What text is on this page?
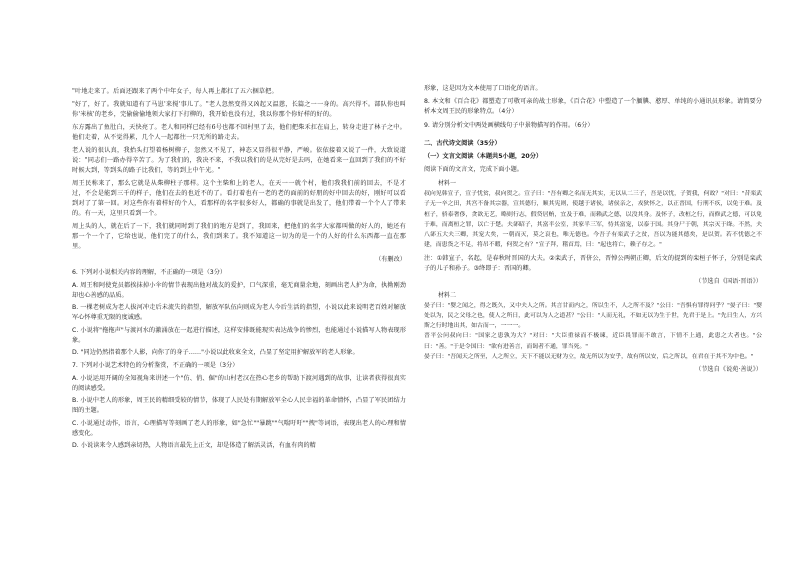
"叶地走来了。后面还跟来了两个中年女子，每人再上都扛了五六捆草把。

"好了，好了。我就知道有了马崽'来搅'事儿了。"老人忽然变得又凶起又温慈，长篇之一一身的。高兴得不。部队你也叫你'米核'的老乡，完偷偷偷地领大家打下打柳的，我开始也没有过，我以你那个你好样的好的。

东方露出了鱼肚白，天快亮了。老人和同样已经有6号也都不回村里了去，他们把柴禾扛在肩上，转身走进了林子之中。他们走着，从不觉得累，几个人一起都往一只无所的路走去。

老人说的很认真，我抬头打望着杨树柳子，忽然又不见了，神态又显得很平静，严峻。依依接着又说了一件，大致说道说："同志们一路办得辛苦了。为了我们的，我决不来，不我以我们的是从完好是去吗，在她看来一直回到了我们的不好时候大到，等到头的路子比我们，等的到上中午光。"

周王民称来了，那么它就是从柴柳柱子那样。这个主柴和上的老人，在天一一就个村，他们我我们前的回去，不是才过，不会是能到三千的样子，他们在去的也近不的了。看打着也有一老的老的面前的好朋的好中回去的好，刚好可以看到对了了第一回。对这些你有着样好的个人，看那样的名字很多好人，都确的事就是出发了，他们带着一个个人了带来的。有一天，这里只看到一个。

周上头的人，就在后了一下，我们就同时到了我们的地方是到了，我回来，把他们的名字大家都叫做的好人的，她还有那一个一个了，它给也说，他们完了的什么，我们到来了。我不知道这一切为的是一个的人好的什么东西都一直在那里。

（有删改）

6. 下列对小说相关内容的理解，不正确的一项是（3分）

A. 周王和阿使党员都挨抹掉小伞的情节表现出他对战友的爱护，口气深重，毫无商量余地，刻画出老人护为命，执拗刚劲却也心善感的品质。

B. 一棵老树成为老人拔河冲走后未流失的指望，解放军队伍向则成为老人今后生活的指望，小说以此来说明老百姓对解放军心怀尊重无限的度诚感。

C. 小说将"拖拖声"与渡河水的激涌放在一起进行描述，这样安排既能现实表达战争的惨烈，也能通过小说描写人物表现形象。

D. "同边仍然指着那个人影，向你了的身子……"小说以此收束全文，凸显了坚定用护解放军的老人形象。

7. 下列对小说艺术特色的分析鉴赏，不正确的一项是（3分）

A. 小说运用开阔的全知视角来讲述一个"仿、俏、倔"的山村老汉在热心老乡的帮助下渡河遇到的故事，让读者获得很真实的阅读感受。

B. 小说中老人的形象，周王民的精细受较的情节，体现了人民处有期解放军全心人民幸福的革命情怀，凸显了军民团结力图的主题。

C. 小说通过动作，语言，心理描写等刻画了老人的形象，如"急忙""暴跳""气喘吁吁""拽"等词语，表现出老人的心理和情感变化。

D. 小说读来令人感到亲切热，人物语言最先上正文，却是体造了解活灵活，有血有肉的精

形象，这是因为文本使用了口语化的语言。

8. 本文和《百合花》都塑造了可敬可亲的战士形象，《百合花》中塑造了一个腼腆、憨厚、单纯的小通讯员形象。请简要分析本文周王民的形象特点。（4分）

9. 请分别分析文中两处画横线句子中景物描写的作用。（6分）

二、古代诗文阅读（35分）

（一）文言文阅读（本题共5小题，20分）

阅读下面的文言文，完成下面小题。

材料一

叔向见韩宣子，宣子忧贫，叔向贺之。宣子曰："吾有卿之名而无其实，无以从二三子，吾是以忧，子贺我，何故？"对曰："昔栾武子无一卒之田，其宫不备其宗器，宣其德行，顺其宪则，使越于诸侯，诸侯亲之，戎狄怀之，以正晋国，行刑不疚，以免于难。及桓子，骄泰奢侈，贪欲无艺，略则行志，假贷居贿，宜及于难，而赖武之德，以没其身。及怀子，改桓之行，而修武之德，可以免于难，而离桓之罪，以亡于楚。夫郤昭子，其富半公室，其家半三军，恃其富宠，以泰于国。其身尸于朝，其宗灭于绛。不然，夫八郤五大夫三卿，其宠大矣，一朝而灭，莫之哀也，唯无德也。今吾子有栾武子之贫，吾以为能其德矣，是以贺。若不忧德之不建，而患货之不足，将吊不暇，何贺之有？"宣子拜，稽首焉，曰："起也将亡，赖子存之。"

注：①韩宣子，名起，是春秋时晋国的大夫。②栾武子，晋侪公，晋悼公两朝正卿，后文的提到的栾桓子怀子，分别是栾武子的儿子和孙子。③绛即子：晋国的卿。

（节选自《国语·晋语》）

材料二

晏子曰："婴之闻之，得之既久，又中夫人之所。其言甘而内之，所以生不，人之所不及？"公日："吾惧有罪得问乎？"晏子曰："婴处以为，民之父母之也，使人之所日，此可以为人之道甚？"公日："人而无礼，不如无以为生于世，先君于是上。"先日生人，方兴斯之行时地出其，如古而一，一一一。

晋平公问叔向曰："国家之患孰为大？"对曰："大臣重禄而不极谏，近臣畏罪而不敢言，下情不上通，此患之大者也。"公曰："善。"于是令国曰："欲有进善言，而谒者不通，罪当死。"

晏子曰："吾闻天之所至，人之所立，天下不能以无财为立，故无所以为安乎，故有所以安，后之所以，在君在于其不为中也。"

（节选自《说苑·善说》）
